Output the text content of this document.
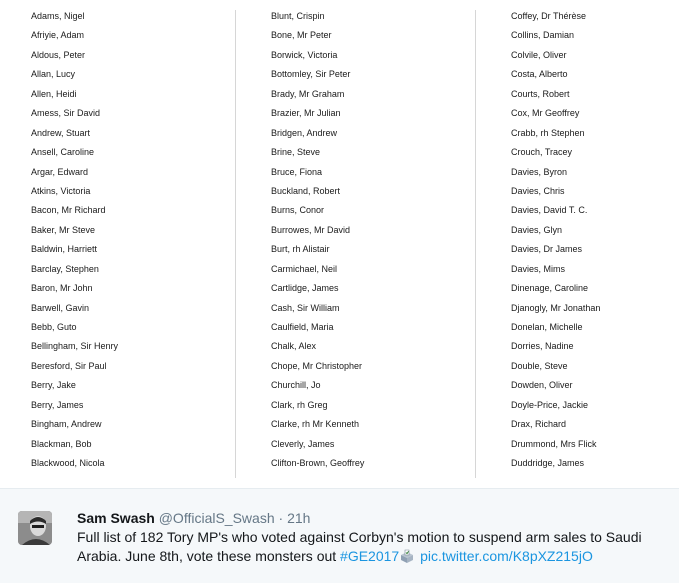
Adams, Nigel
Afriyie, Adam
Aldous, Peter
Allan, Lucy
Allen, Heidi
Amess, Sir David
Andrew, Stuart
Ansell, Caroline
Argar, Edward
Atkins, Victoria
Bacon, Mr Richard
Baker, Mr Steve
Baldwin, Harriett
Barclay, Stephen
Baron, Mr John
Barwell, Gavin
Bebb, Guto
Bellingham, Sir Henry
Beresford, Sir Paul
Berry, Jake
Berry, James
Bingham, Andrew
Blackman, Bob
Blackwood, Nicola
Blunt, Crispin
Bone, Mr Peter
Borwick, Victoria
Bottomley, Sir Peter
Brady, Mr Graham
Brazier, Mr Julian
Bridgen, Andrew
Brine, Steve
Bruce, Fiona
Buckland, Robert
Burns, Conor
Burrowes, Mr David
Burt, rh Alistair
Carmichael, Neil
Cartlidge, James
Cash, Sir William
Caulfield, Maria
Chalk, Alex
Chope, Mr Christopher
Churchill, Jo
Clark, rh Greg
Clarke, rh Mr Kenneth
Cleverly, James
Clifton-Brown, Geoffrey
Coffey, Dr Thérèse
Collins, Damian
Colvile, Oliver
Costa, Alberto
Courts, Robert
Cox, Mr Geoffrey
Crabb, rh Stephen
Crouch, Tracey
Davies, Byron
Davies, Chris
Davies, David T. C.
Davies, Glyn
Davies, Dr James
Davies, Mims
Dinenage, Caroline
Djanogly, Mr Jonathan
Donelan, Michelle
Dorries, Nadine
Double, Steve
Dowden, Oliver
Doyle-Price, Jackie
Drax, Richard
Drummond, Mrs Flick
Duddridge, James
Sam Swash @OfficialS_Swash · 21h
Full list of 182 Tory MP's who voted against Corbyn's motion to suspend arm sales to Saudi Arabia. June 8th, vote these monsters out #GE2017 pic.twitter.com/K8pXZ215jO
